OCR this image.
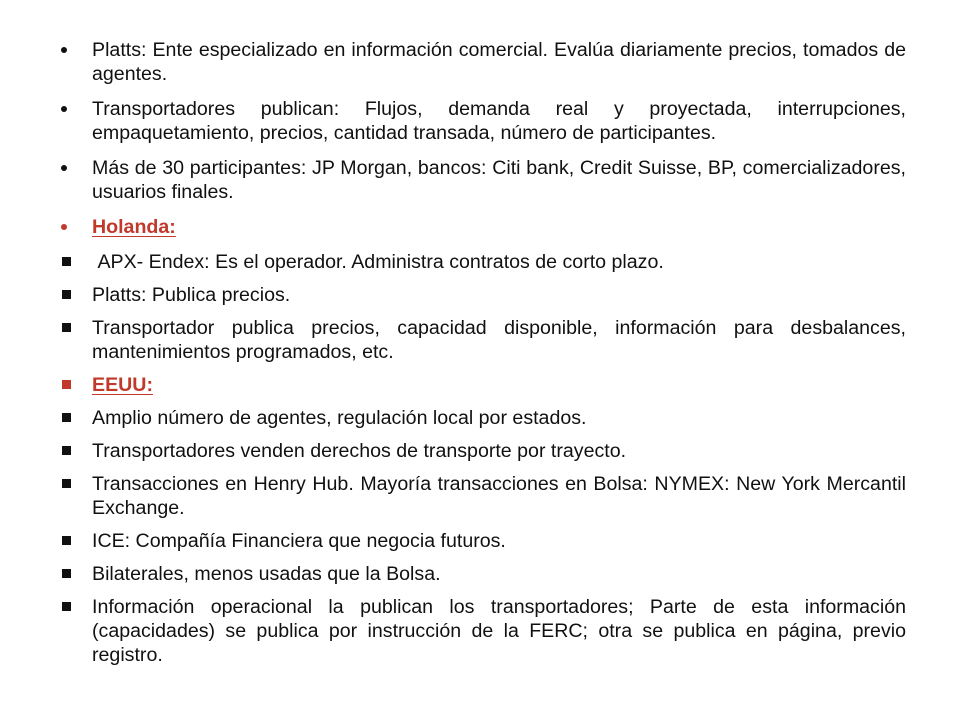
Platts: Ente especializado en información comercial. Evalúa diariamente precios, tomados de agentes.
Transportadores publican: Flujos, demanda real y proyectada, interrupciones, empaquetamiento, precios, cantidad transada, número de participantes.
Más de 30 participantes: JP Morgan, bancos: Citi bank, Credit Suisse, BP, comercializadores, usuarios finales.
Holanda:
APX- Endex: Es el operador. Administra contratos de corto plazo.
Platts: Publica precios.
Transportador publica precios, capacidad disponible, información para desbalances, mantenimientos programados, etc.
EEUU:
Amplio número de agentes, regulación local por estados.
Transportadores venden derechos de transporte por trayecto.
Transacciones en Henry Hub. Mayoría transacciones en Bolsa: NYMEX: New York Mercantil Exchange.
ICE: Compañía Financiera que negocia futuros.
Bilaterales, menos usadas que la Bolsa.
Información operacional la publican los transportadores; Parte de esta información (capacidades) se publica por instrucción de la FERC; otra se publica en página, previo registro.
